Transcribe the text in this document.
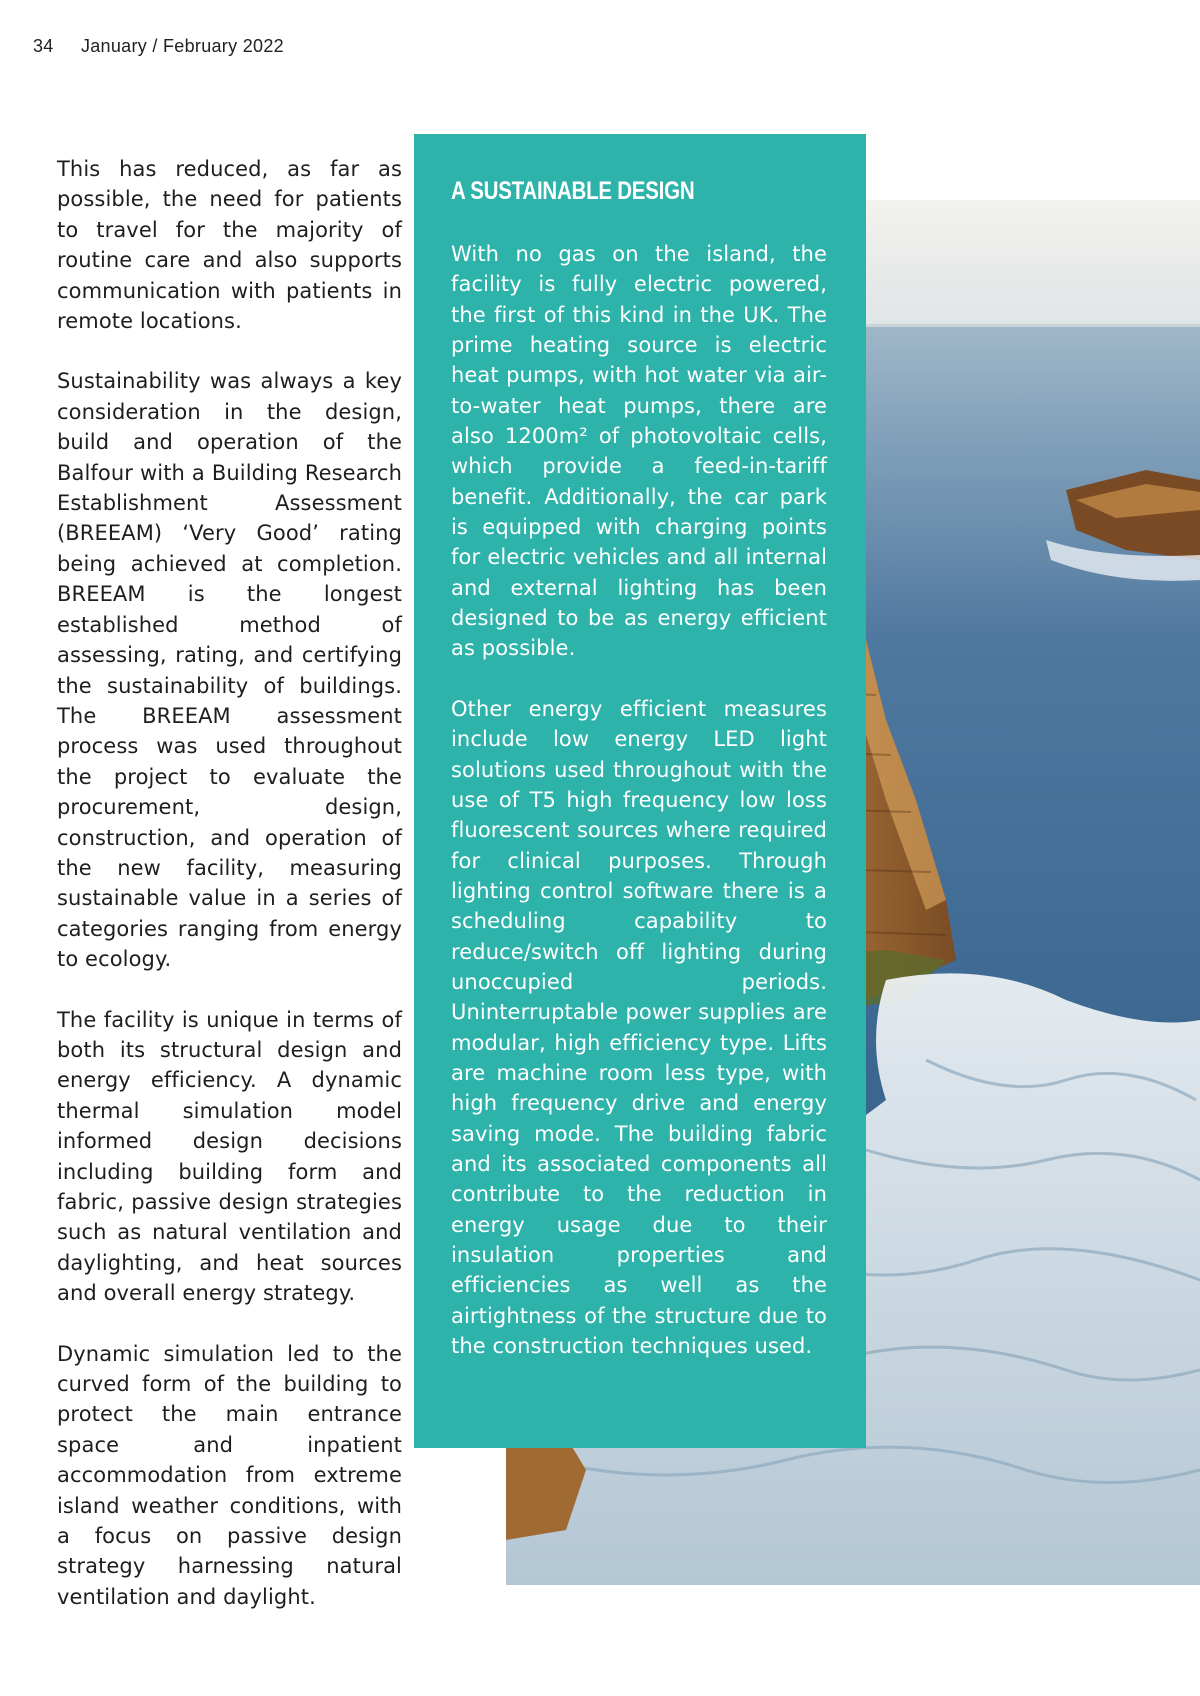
34 January / February 2022

This has reduced, as far as possible, the need for patients to travel for the majority of routine care and also supports communication with patients in remote locations.

Sustainability was always a key consideration in the design, build and operation of the Balfour with a Building Research Establishment Assessment (BREEAM) ‘Very Good’ rating being achieved at completion. BREEAM is the longest established method of assessing, rating, and certifying the sustainability of buildings. The BREEAM assessment process was used throughout the project to evaluate the procurement, design, construction, and operation of the new facility, measuring sustainable value in a series of categories ranging from energy to ecology.

The facility is unique in terms of both its structural design and energy efficiency. A dynamic thermal simulation model informed design decisions including building form and fabric, passive design strategies such as natural ventilation and daylighting, and heat sources and overall energy strategy.

Dynamic simulation led to the curved form of the building to protect the main entrance space and inpatient accommodation from extreme island weather conditions, with a focus on passive design strategy harnessing natural ventilation and daylight.

A SUSTAINABLE DESIGN

With no gas on the island, the facility is fully electric powered, the first of this kind in the UK. The prime heating source is electric heat pumps, with hot water via air-to-water heat pumps, there are also 1200m² of photovoltaic cells, which provide a feed-in-tariff benefit. Additionally, the car park is equipped with charging points for electric vehicles and all internal and external lighting has been designed to be as energy efficient as possible.

Other energy efficient measures include low energy LED light solutions used throughout with the use of T5 high frequency low loss fluorescent sources where required for clinical purposes. Through lighting control software there is a scheduling capability to reduce/switch off lighting during unoccupied periods. Uninterruptable power supplies are modular, high efficiency type. Lifts are machine room less type, with high frequency drive and energy saving mode. The building fabric and its associated components all contribute to the reduction in energy usage due to their insulation properties and efficiencies as well as the airtightness of the structure due to the construction techniques used.
